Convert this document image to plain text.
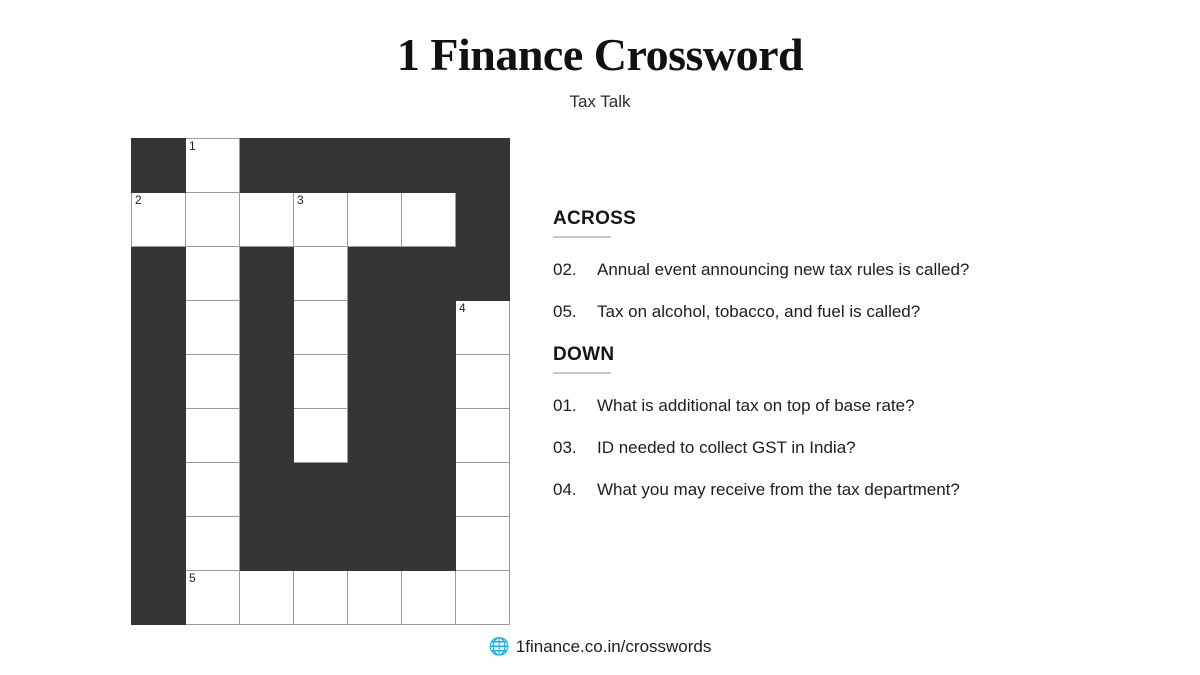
1 Finance Crossword
Tax Talk

	1					

2			3			

						4

	5					

ACROSS
02.	Annual event announcing new tax rules is called?
05.	Tax on alcohol, tobacco, and fuel is called?
DOWN
01.	What is additional tax on top of base rate?
03.	ID needed to collect GST in India?
04.	What you may receive from the tax department?
🌐 1finance.co.in/crosswords
